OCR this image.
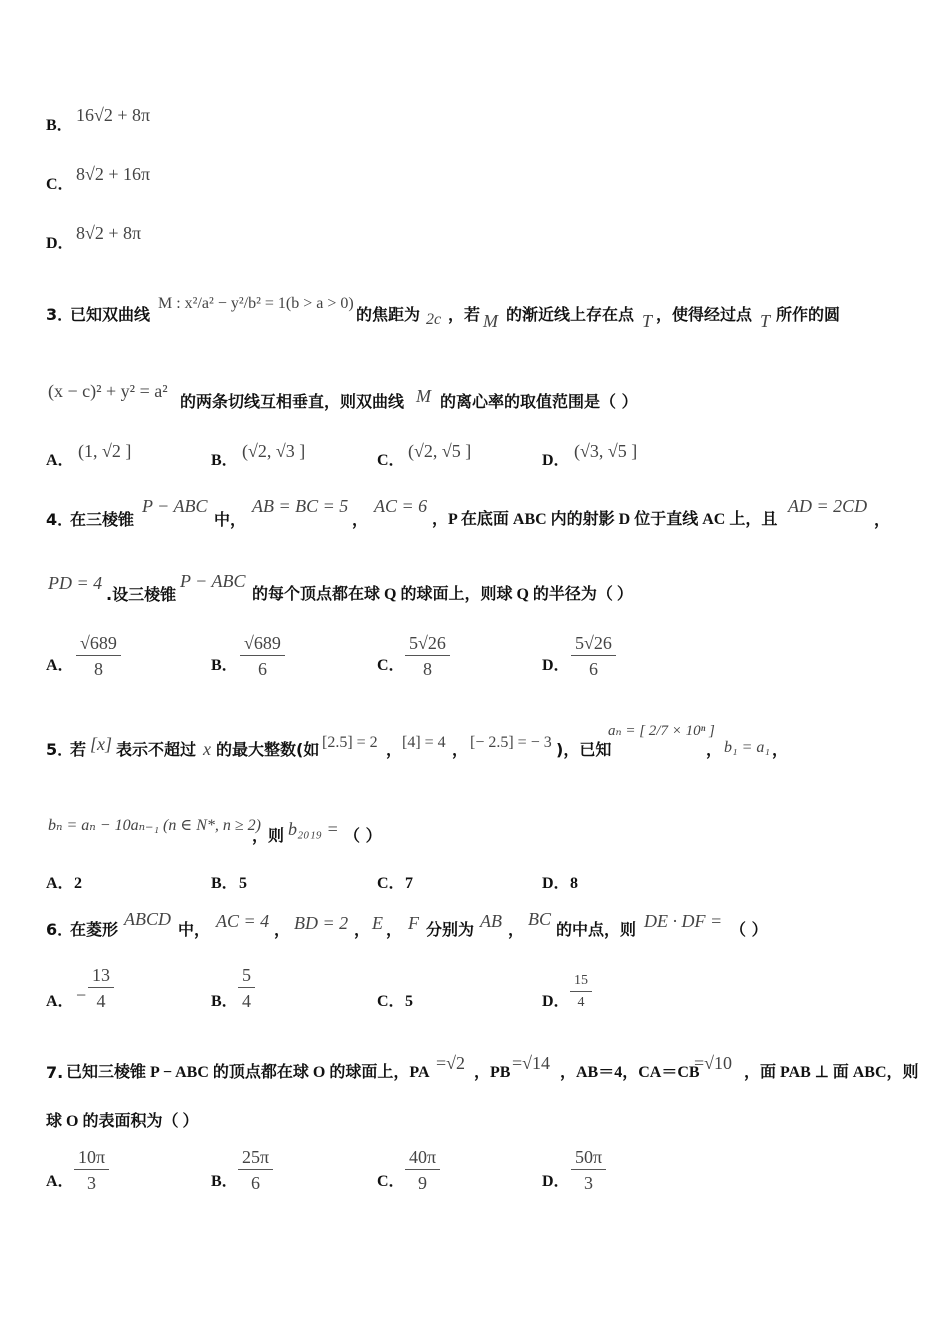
B．
16√2 + 8π
C．
8√2 + 16π
D．
8√2 + 8π
3．
已知双曲线
M : x²/a² − y²/b² = 1(b > a > 0)
的焦距为 2c ，若 M 的渐近线上存在点 T ，使得经过点 T 所作的圆
(x − c)² + y² = a²
的两条切线互相垂直，则双曲线 M 的离心率的取值范围是（ ）
A． (1, √2 ]	B． (√2, √3 ]	C． (√2, √5 ]	D． (√3, √5 ]
4．
在三棱锥
P − ABC
中，
AB = BC = 5
，
AC = 6
，P 在底面 ABC 内的射影 D 位于直线 AC 上，且
AD = 2CD
，
PD = 4
.设三棱锥
P − ABC
的每个顶点都在球 Q 的球面上，则球 Q 的半径为（ ）
A．
√689
8	B．
√689
6	C．
5√26
8	D．
5√26
6
5．
若 [x] 表示不超过 x 的最大整数(如 [2.5] = 2 ， [4] = 4 ， [− 2.5] = − 3 )，已知
aₙ = [ 2/7 × 10ⁿ ]
， b₁ = a₁ ，
bₙ = aₙ − 10aₙ₋₁ (n ∈ N*, n ≥ 2)
，则 b₂₀₁₉ = （ ）
A． 2	B． 5	C． 7	D． 8
6．
在菱形
ABCD
中， AC = 4 ， BD = 2 ， E ， F 分别为 AB ，
BC
的中点，则 DE · DF = （ ）
A． −
13
4	B．
5
4	C． 5	D．
15
4
7. 已知三棱锥 P − ABC 的顶点都在球 O 的球面上，PA =√2 ，PB =√14 ，AB＝4，CA＝CB
=√10 ，面 PAB ⊥ 面 ABC，则
球 O 的表面积为（ ）
A．
10π
3	B．
25π
6	C．
40π
9	D．
50π
3
